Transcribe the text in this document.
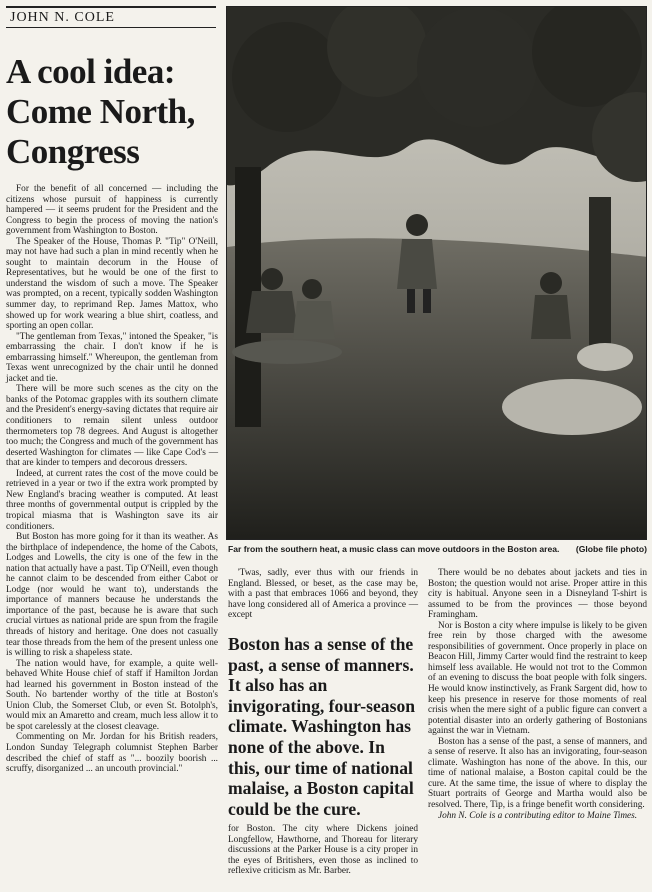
JOHN N. COLE
A cool idea:
Come North,
Congress

For the benefit of all concerned — including the citizens whose pursuit of happiness is currently hampered — it seems prudent for the President and the Congress to begin the process of moving the nation's government from Washington to Boston.

The Speaker of the House, Thomas P. "Tip" O'Neill, may not have had such a plan in mind recently when he sought to maintain decorum in the House of Representatives, but he would be one of the first to understand the wisdom of such a move. The Speaker was prompted, on a recent, typically sodden Washington summer day, to reprimand Rep. James Mattox, who showed up for work wearing a blue shirt, coatless, and sporting an open collar.

"The gentleman from Texas," intoned the Speaker, "is embarrassing the chair. I don't know if he is embarrassing himself." Whereupon, the gentleman from Texas went unrecognized by the chair until he donned jacket and tie.

There will be more such scenes as the city on the banks of the Potomac grapples with its southern climate and the President's energy-saving dictates that require air conditioners to remain silent unless outdoor thermometers top 78 degrees. And August is altogether too much; the Congress and much of the government has deserted Washington for climates — like Cape Cod's — that are kinder to tempers and decorous dressers.

Indeed, at current rates the cost of the move could be retrieved in a year or two if the extra work prompted by New England's bracing weather is computed. At least three months of governmental output is crippled by the tropical miasma that is Washington save its air conditioners.

But Boston has more going for it than its weather. As the birthplace of independence, the home of the Cabots, Lodges and Lowells, the city is one of the few in the nation that actually have a past. Tip O'Neill, even though he cannot claim to be descended from either Cabot or Lodge (nor would he want to), understands the importance of manners because he understands the importance of the past, because he is aware that such crucial virtues as national pride are spun from the fragile threads of history and heritage. One does not casually tear those threads from the hem of the present unless one is willing to risk a shapeless state.

The nation would have, for example, a quite well-behaved White House chief of staff if Hamilton Jordan had learned his government in Boston instead of the South. No bartender worthy of the title at Boston's Union Club, the Somerset Club, or even St. Botolph's, would mix an Amaretto and cream, much less allow it to be spot carelessly at the closest cleavage.

Commenting on Mr. Jordan for his British readers, London Sunday Telegraph columnist Stephen Barber described the chief of staff as "... boozily boorish ... scruffy, disorganized ... an uncouth provincial."

Far from the southern heat, a music class can move outdoors in the Boston area. (Globe file photo)

'Twas, sadly, ever thus with our friends in England. Blessed, or beset, as the case may be, with a past that embraces 1066 and beyond, they have long considered all of America a province — except

Boston has a sense of the past, a sense of manners. It also has an invigorating, four-season climate. Washington has none of the above. In this, our time of national malaise, a Boston capital could be the cure.

for Boston. The city where Dickens joined Longfellow, Hawthorne, and Thoreau for literary discussions at the Parker House is a city proper in the eyes of Britishers, even those as inclined to reflexive criticism as Mr. Barber.

There would be no debates about jackets and ties in Boston; the question would not arise. Proper attire in this city is habitual. Anyone seen in a Disneyland T-shirt is assumed to be from the provinces — those beyond Framingham.

Nor is Boston a city where impulse is likely to be given free rein by those charged with the awesome responsibilities of government. Once properly in place on Beacon Hill, Jimmy Carter would find the restraint to keep himself less available. He would not trot to the Common of an evening to discuss the boat people with folk singers. He would know instinctively, as Frank Sargent did, how to keep his presence in reserve for those moments of real crisis when the mere sight of a public figure can convert a potential disaster into an orderly gathering of Bostonians against the war in Vietnam.

Boston has a sense of the past, a sense of manners, and a sense of reserve. It also has an invigorating, four-season climate. Washington has none of the above. In this, our time of national malaise, a Boston capital could be the cure. At the same time, the issue of where to display the Stuart portraits of George and Martha would also be resolved. There, Tip, is a fringe benefit worth considering.

John N. Cole is a contributing editor to Maine Times.
